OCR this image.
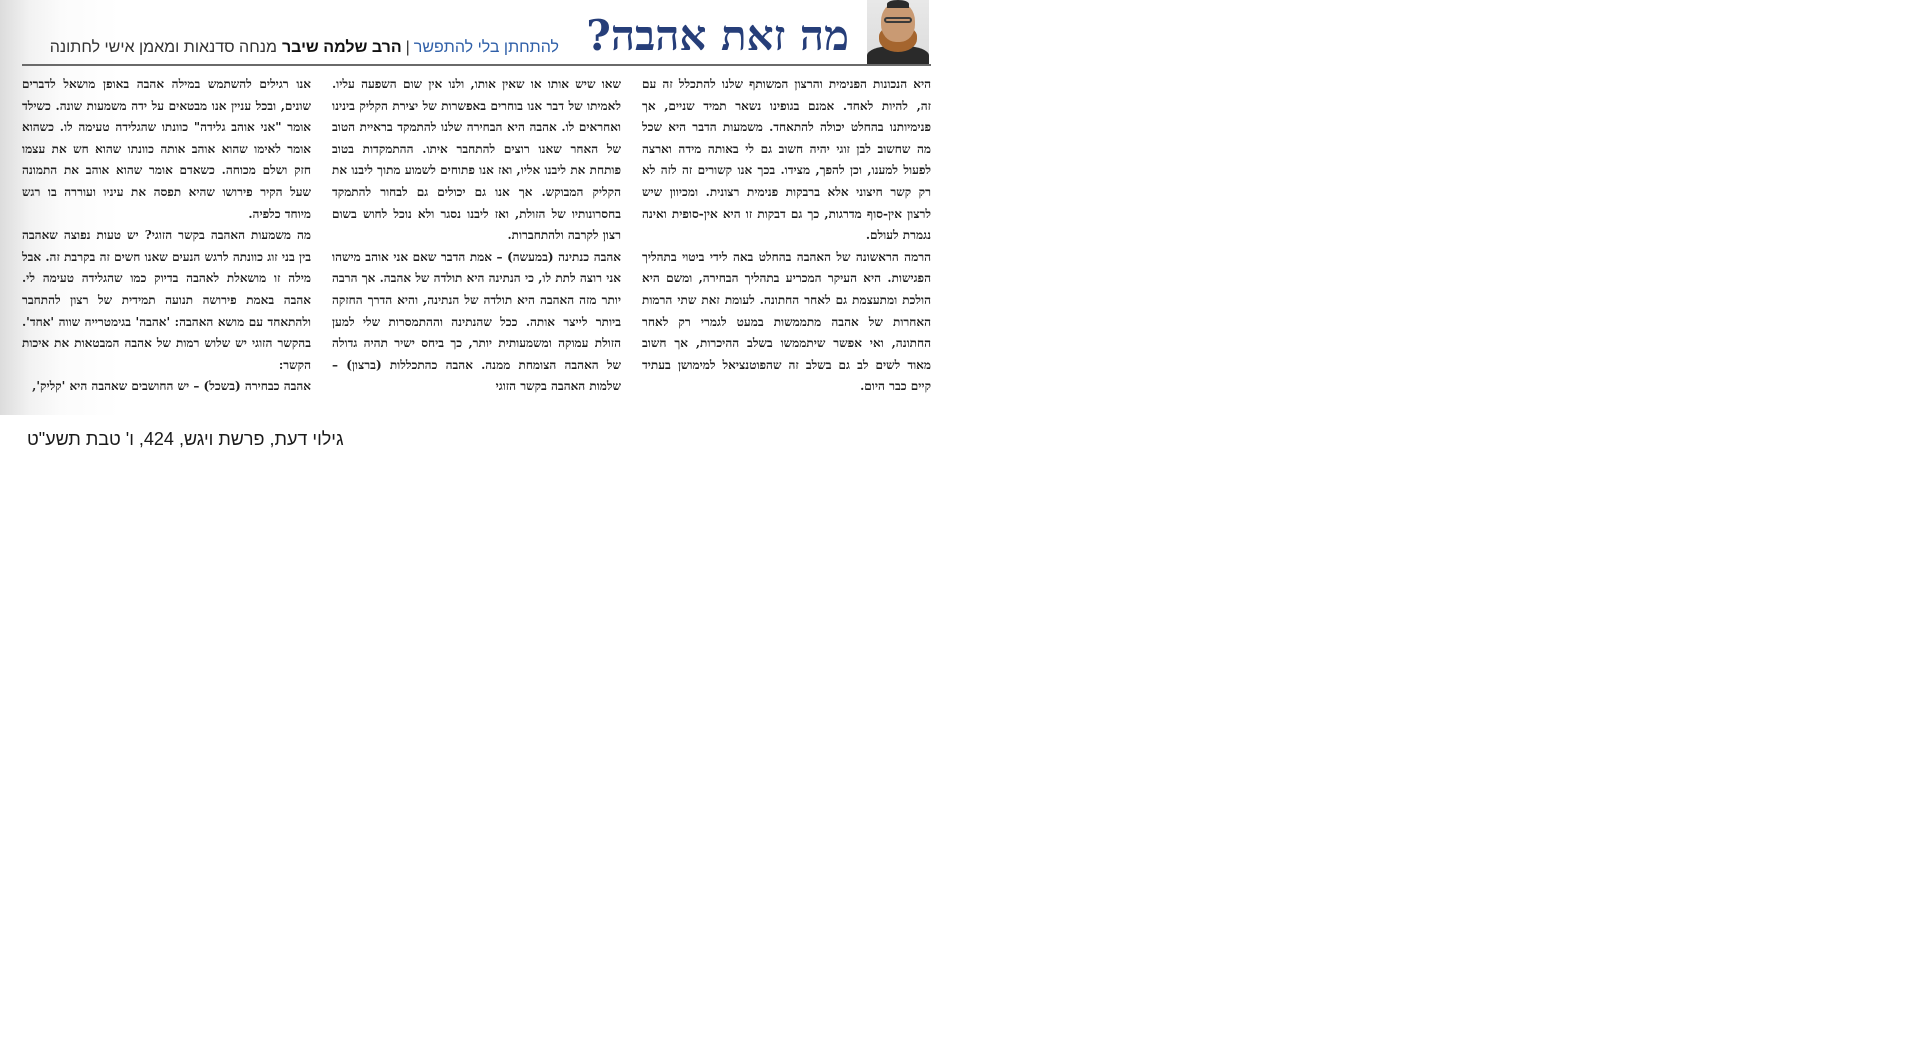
מה זאת אהבה?
להתחתן בלי להתפשר|הרב שלמה שיברמנחה סדנאות ומאמן אישי לחתונה

אנו רגילים להשתמש במילה אהבה באופן מושאל לדברים שונים, ובכל עניין אנו מבטאים על ידה משמעות שונה. כשילד אומר "אני אוהב גלידה" כוונתו שהגלידה טעימה לו. כשהוא אומר לאימו שהוא אוהב אותה כוונתו שהוא חש את עצמו חזק ושלם מכוחה. כשאדם אומר שהוא אוהב את התמונה שעל הקיר פירושו שהיא תפסה את עיניו ועוררה בו רגש מיוחד כלפיה.

מה משמעות האהבה בקשר הזוגי? יש טעות נפוצה שאהבה בין בני זוג כוונתה לרגש הנעים שאנו חשים זה בקרבת זה. אבל מילה זו מושאלת לאהבה בדיוק כמו שהגלידה טעימה לי. אהבה באמת פירושה תנועה תמידית של רצון להתחבר ולהתאחד עם מושא האהבה: 'אהבה' בגימטרייה שווה 'אחד'. בהקשר הזוגי יש שלוש רמות של אהבה המבטאות את איכות הקשר:

אהבה כבחירה (בשכל) – יש החושבים שאהבה היא 'קליק',

שאו שיש אותו או שאין אותו, ולנו אין שום השפעה עליו. לאמיתו של דבר אנו בוחרים באפשרות של יצירת הקליק בינינו ואחראים לו. אהבה היא הבחירה שלנו להתמקד בראיית הטוב של האחר שאנו רוצים להתחבר איתו. ההתמקדות בטוב פותחת את ליבנו אליו, ואז אנו פתוחים לשמוע מתוך ליבנו את הקליק המבוקש. אך אנו גם יכולים גם לבחור להתמקד בחסרונותיו של הזולת, ואז ליבנו נסגר ולא נוכל לחוש בשום רצון לקרבה ולהתחברות.

אהבה כנתינה (במעשה) – אמת הדבר שאם אני אוהב מישהו אני רוצה לתת לו, כי הנתינה היא תולדה של אהבה. אך הרבה יותר מזה האהבה היא תולדה של הנתינה, והיא הדרך החזקה ביותר לייצר אותה. ככל שהנתינה וההתמסרות שלי למען הזולת עמוקה ומשמעותית יותר, כך ביחס ישיר תהיה גדולה של האהבה הצומחת ממנה. אהבה כהתכללות (ברצון) – שלמות האהבה בקשר הזוגי

היא הנכונות הפנימית והרצון המשותף שלנו להתכלל זה עם זה, להיות לאחד. אמנם בגופינו נשאר תמיד שניים, אך פנימיותנו בהחלט יכולה להתאחד. משמעות הדבר היא שכל מה שחשוב לבן זוגי יהיה חשוב גם לי באותה מידה וארצה לפעול למענו, וכן להפך, מצידו. בכך אנו קשורים זה לזה לא רק קשר חיצוני אלא ברבקות פנימית רצונית. ומכיוון שיש לרצון אין-סוף מדרגות, כך גם דבקות זו היא אין-סופית ואינה נגמרת לעולם.

הרמה הראשונה של האהבה בהחלט באה לידי ביטוי בתהליך הפגישות. היא העיקר המכריע בתהליך הבחירה, ומשם היא הולכת ומתעצמת גם לאחר החתונה. לעומת זאת שתי הרמות האחרות של אהבה מתממשות במעט לגמרי רק לאחר החתונה, ואי אפשר שיתממשו בשלב ההיכרות, אך חשוב מאוד לשים לב גם בשלב זה שהפוטנציאל למימושן בעתיד קיים כבר היום.

גילוי דעת, פרשת ויגש, 424, ו' טבת תשע"ט
